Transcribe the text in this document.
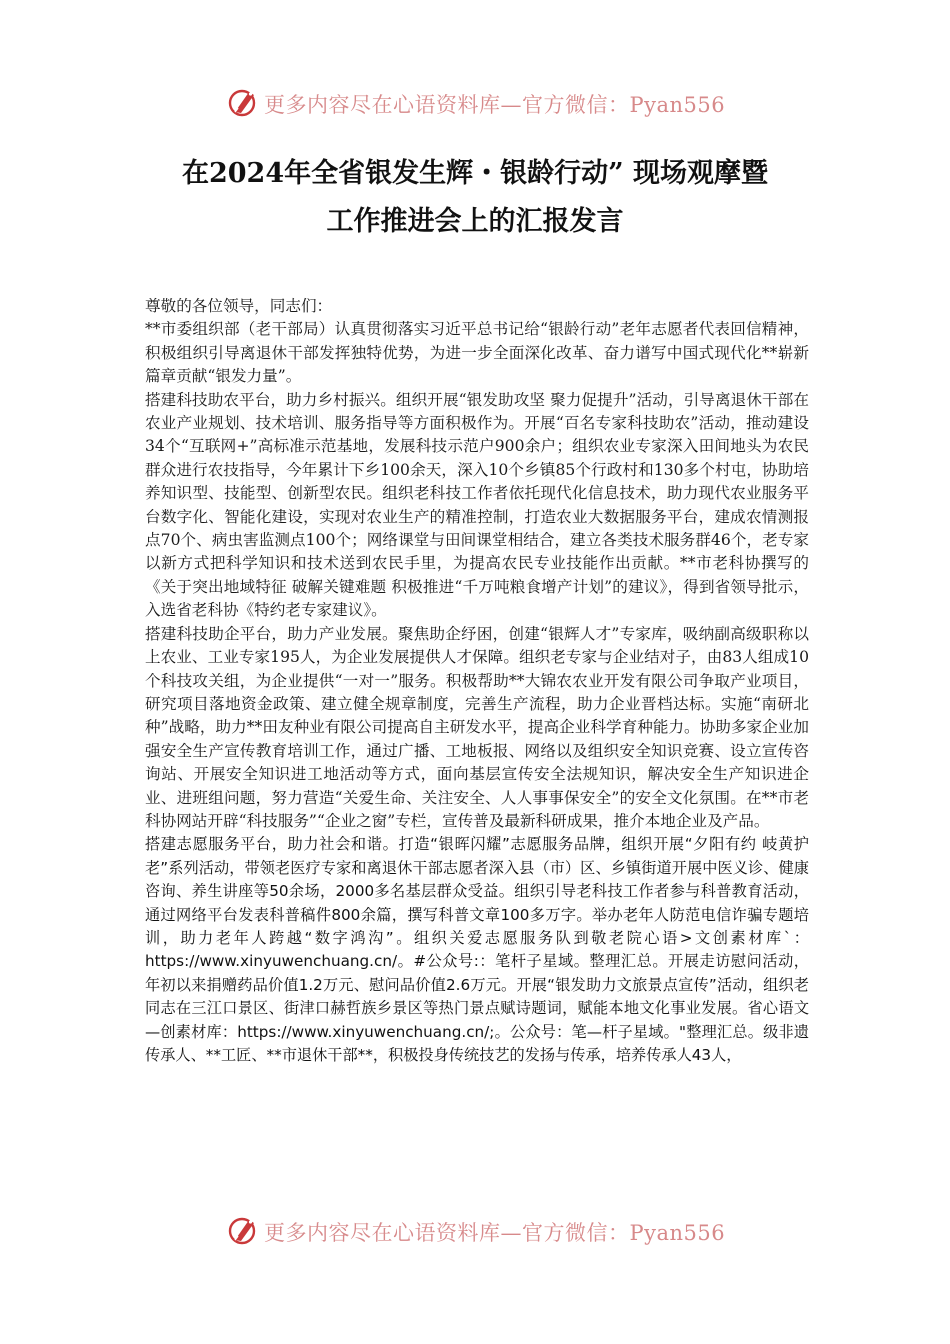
更多内容尽在心语资料库—官方微信：Pyan556
在2024年全省银发生辉・银龄行动” 现场观摩暨
工作推进会上的汇报发言

尊敬的各位领导，同志们：

**市委组织部（老干部局）认真贯彻落实习近平总书记给“银龄行动”老年志愿者代表回信精神，积极组织引导离退休干部发挥独特优势，为进一步全面深化改革、奋力谱写中国式现代化**崭新篇章贡献“银发力量”。

搭建科技助农平台，助力乡村振兴。组织开展“银发助攻坚 聚力促提升”活动，引导离退休干部在农业产业规划、技术培训、服务指导等方面积极作为。开展“百名专家科技助农”活动，推动建设34个“互联网+”高标准示范基地，发展科技示范户900余户；组织农业专家深入田间地头为农民群众进行农技指导，今年累计下乡100余天，深入10个乡镇85个行政村和130多个村屯，协助培养知识型、技能型、创新型农民。组织老科技工作者依托现代化信息技术，助力现代农业服务平台数字化、智能化建设，实现对农业生产的精准控制，打造农业大数据服务平台，建成农情测报点70个、病虫害监测点100个；网络课堂与田间课堂相结合，建立各类技术服务群46个，老专家以新方式把科学知识和技术送到农民手里，为提高农民专业技能作出贡献。**市老科协撰写的《关于突出地域特征 破解关键难题 积极推进“千万吨粮食增产计划”的建议》，得到省领导批示，入选省老科协《特约老专家建议》。

搭建科技助企平台，助力产业发展。聚焦助企纾困，创建“银辉人才”专家库，吸纳副高级职称以上农业、工业专家195人，为企业发展提供人才保障。组织老专家与企业结对子，由83人组成10个科技攻关组，为企业提供“一对一”服务。积极帮助**大锦农农业开发有限公司争取产业项目，研究项目落地资金政策、建立健全规章制度，完善生产流程，助力企业晋档达标。实施“南研北种”战略，助力**田友种业有限公司提高自主研发水平，提高企业科学育种能力。协助多家企业加强安全生产宣传教育培训工作，通过广播、工地板报、网络以及组织安全知识竞赛、设立宣传咨询站、开展安全知识进工地活动等方式，面向基层宣传安全法规知识，解决安全生产知识进企业、进班组问题，努力营造“关爱生命、关注安全、人人事事保安全”的安全文化氛围。在**市老科协网站开辟“科技服务”“企业之窗”专栏，宣传普及最新科研成果，推介本地企业及产品。

搭建志愿服务平台，助力社会和谐。打造“银晖闪耀”志愿服务品牌，组织开展“夕阳有约 岐黄护老”系列活动，带领老医疗专家和离退休干部志愿者深入县（市）区、乡镇街道开展中医义诊、健康咨询、养生讲座等50余场，2000多名基层群众受益。组织引导老科技工作者参与科普教育活动，通过网络平台发表科普稿件800余篇，撰写科普文章100多万字。举办老年人防范电信诈骗专题培训，助力老年人跨越“数字鸿沟”。组织关爱志愿服务队到敬老院心语>文创素材库`：https://www.xinyuwenchuang.cn/。#公众号:：笔杆子星域。整理汇总。开展走访慰问活动，年初以来捐赠药品价值1.2万元、慰问品价值2.6万元。开展“银发助力文旅景点宣传”活动，组织老同志在三江口景区、街津口赫哲族乡景区等热门景点赋诗题词，赋能本地文化事业发展。省心语文—创素材库：https://www.xinyuwenchuang.cn/;。公众号：笔—杆子星域。"整理汇总。级非遗传承人、**工匠、**市退休干部**，积极投身传统技艺的发扬与传承，培养传承人43人，

更多内容尽在心语资料库—官方微信：Pyan556
